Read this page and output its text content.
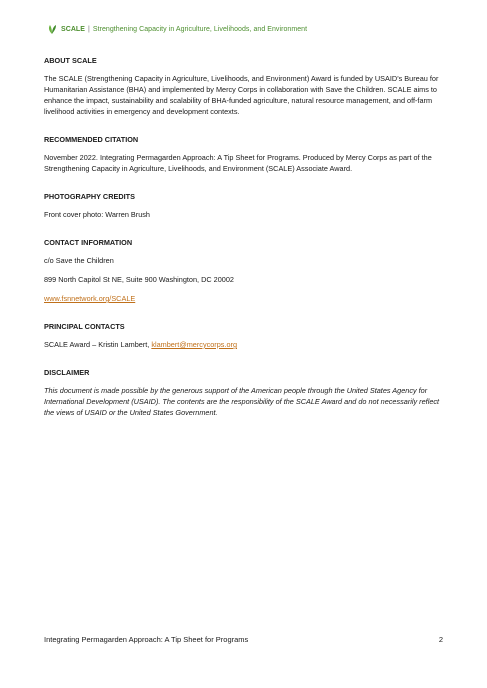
SCALE | Strengthening Capacity in Agriculture, Livelihoods, and Environment
ABOUT SCALE

The SCALE (Strengthening Capacity in Agriculture, Livelihoods, and Environment) Award is funded by USAID’s Bureau for Humanitarian Assistance (BHA) and implemented by Mercy Corps in collaboration with Save the Children. SCALE aims to enhance the impact, sustainability and scalability of BHA-funded agriculture, natural resource management, and off-farm livelihood activities in emergency and development contexts.

RECOMMENDED CITATION

November 2022. Integrating Permagarden Approach: A Tip Sheet for Programs. Produced by Mercy Corps as part of the Strengthening Capacity in Agriculture, Livelihoods, and Environment (SCALE) Associate Award.

PHOTOGRAPHY CREDITS

Front cover photo: Warren Brush

CONTACT INFORMATION

c/o Save the Children

899 North Capitol St NE, Suite 900 Washington, DC 20002

www.fsnnetwork.org/SCALE

PRINCIPAL CONTACTS

SCALE Award – Kristin Lambert, klambert@mercycorps.org

DISCLAIMER

This document is made possible by the generous support of the American people through the United States Agency for International Development (USAID). The contents are the responsibility of the SCALE Award and do not necessarily reflect the views of USAID or the United States Government.

Integrating Permagarden Approach: A Tip Sheet for Programs	2
